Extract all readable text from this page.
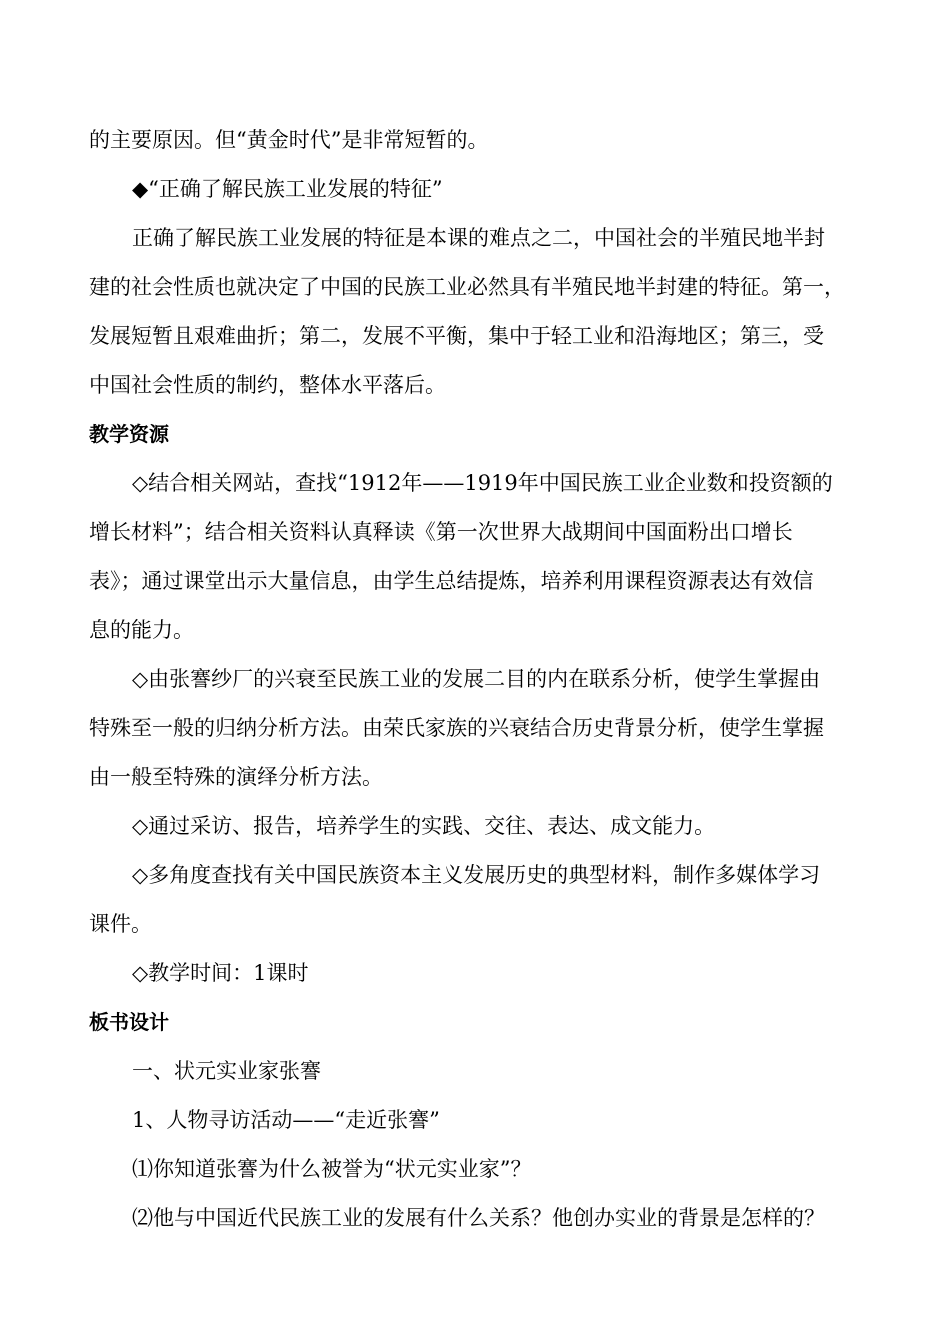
的主要原因。但“黄金时代”是非常短暂的。
◆“正确了解民族工业发展的特征”
正确了解民族工业发展的特征是本课的难点之二，中国社会的半殖民地半封
建的社会性质也就决定了中国的民族工业必然具有半殖民地半封建的特征。第一，
发展短暂且艰难曲折；第二，发展不平衡，集中于轻工业和沿海地区；第三，受
中国社会性质的制约，整体水平落后。
教学资源
◇结合相关网站，查找“1912年——1919年中国民族工业企业数和投资额的
增长材料”；结合相关资料认真释读《第一次世界大战期间中国面粉出口增长
表》；通过课堂出示大量信息，由学生总结提炼，培养利用课程资源表达有效信
息的能力。
◇由张謇纱厂的兴衰至民族工业的发展二目的内在联系分析，使学生掌握由
特殊至一般的归纳分析方法。由荣氏家族的兴衰结合历史背景分析，使学生掌握
由一般至特殊的演绎分析方法。
◇通过采访、报告，培养学生的实践、交往、表达、成文能力。
◇多角度查找有关中国民族资本主义发展历史的典型材料，制作多媒体学习
课件。
◇教学时间：1课时
板书设计
一、状元实业家张謇
1、人物寻访活动——“走近张謇”
⑴你知道张謇为什么被誉为“状元实业家”？
⑵他与中国近代民族工业的发展有什么关系？他创办实业的背景是怎样的？
